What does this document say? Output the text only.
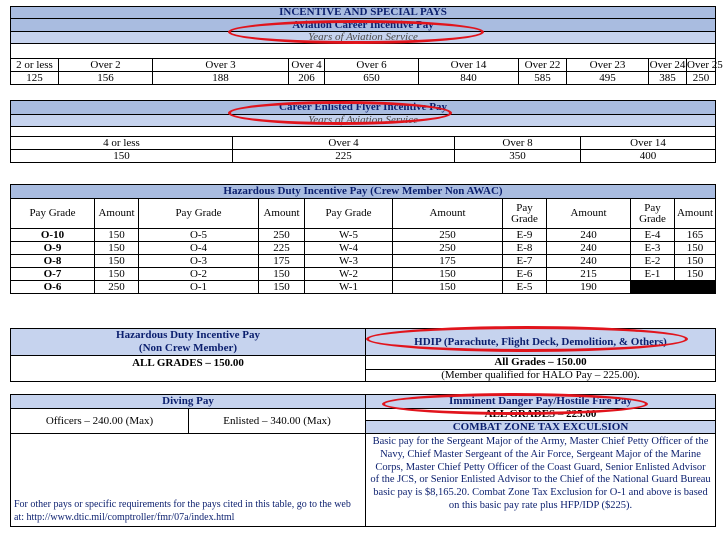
INCENTIVE AND SPECIAL PAYS									
Aviation Career Incentive Pay									
Years of Aviation Service									

2 or less	Over 2	Over 3	Over 4	Over 6	Over 14	Over 22	Over 23	Over 24	Over 25
125	156	188	206	650	840	585	495	385	250
Career Enlisted Flyer Incentive Pay			
Years of Aviation Service			

4 or less	Over 4	Over 8	Over 14
150	225	350	400
Hazardous Duty Incentive Pay (Crew Member Non AWAC)									
Pay Grade	Amount	Pay Grade	Amount	Pay Grade	Amount	Pay Grade	Amount	Pay Grade	Amount
O-10	150	O-5	250	W-5	250	E-9	240	E-4	165
O-9	150	O-4	225	W-4	250	E-8	240	E-3	150
O-8	150	O-3	175	W-3	175	E-7	240	E-2	150
O-7	150	O-2	150	W-2	150	E-6	215	E-1	150
O-6	250	O-1	150	W-1	150	E-5	190		
Hazardous Duty Incentive Pay
(Non Crew Member)	HDIP (Parachute, Flight Deck, Demolition, & Others)
ALL GRADES – 150.00	All Grades – 150.00
	(Member qualified for HALO Pay – 225.00).
Diving Pay		Imminent Danger Pay/Hostile Fire Pay
Officers – 240.00 (Max)	Enlisted – 340.00 (Max)	ALL GRADES – 225.00
		COMBAT ZONE TAX EXCULSION
For other pays or specific requirements for the pays cited in this table, go to the web at: http://www.dtic.mil/comptroller/fmr/07a/index.html		Basic pay for the Sergeant Major of the Army, Master Chief Petty Officer of the Navy, Chief Master Sergeant of the Air Force, Sergeant Major of the Marine Corps, Master Chief Petty Officer of the Coast Guard, Senior Enlisted Advisor of the JCS, or Senior Enlisted Advisor to the Chief of the National Guard Bureau basic pay is $8,165.20. Combat Zone Tax Exclusion for O-1 and above is based on this basic pay rate plus HFP/IDP ($225).
